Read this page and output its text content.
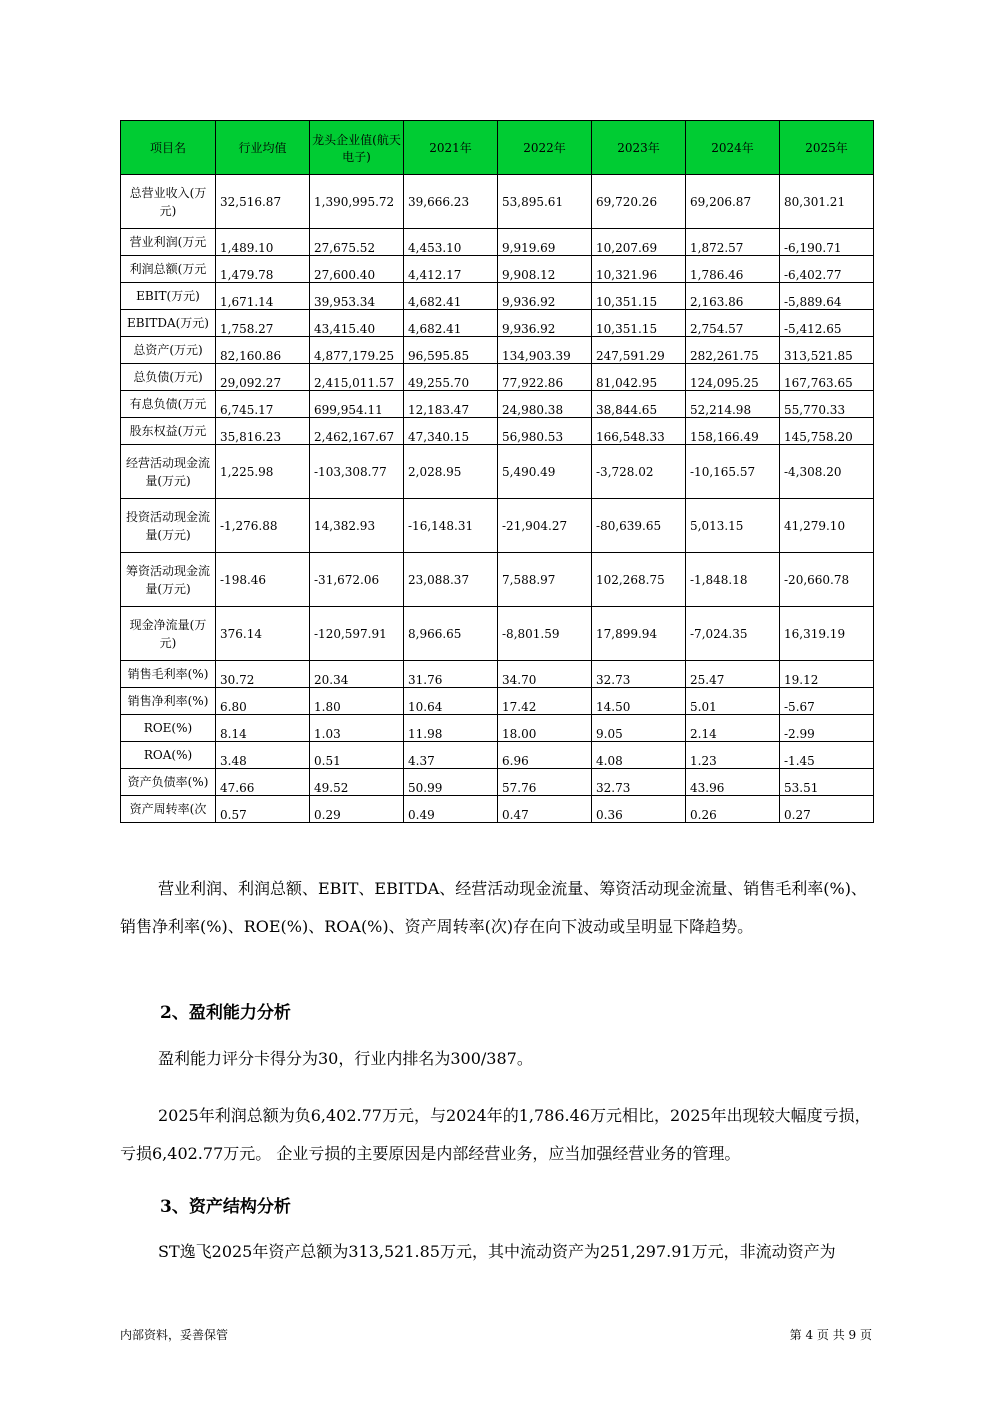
项目名	行业均值	龙头企业值(航天电子)	2021年	2022年	2023年	2024年	2025年
总营业收入(万元)	32,516.87	1,390,995.72	39,666.23	53,895.61	69,720.26	69,206.87	80,301.21
营业利润(万元	1,489.10	27,675.52	4,453.10	9,919.69	10,207.69	1,872.57	-6,190.71
利润总额(万元	1,479.78	27,600.40	4,412.17	9,908.12	10,321.96	1,786.46	-6,402.77
EBIT(万元)	1,671.14	39,953.34	4,682.41	9,936.92	10,351.15	2,163.86	-5,889.64
EBITDA(万元)	1,758.27	43,415.40	4,682.41	9,936.92	10,351.15	2,754.57	-5,412.65
总资产(万元)	82,160.86	4,877,179.25	96,595.85	134,903.39	247,591.29	282,261.75	313,521.85
总负债(万元)	29,092.27	2,415,011.57	49,255.70	77,922.86	81,042.95	124,095.25	167,763.65
有息负债(万元	6,745.17	699,954.11	12,183.47	24,980.38	38,844.65	52,214.98	55,770.33
股东权益(万元	35,816.23	2,462,167.67	47,340.15	56,980.53	166,548.33	158,166.49	145,758.20
经营活动现金流量(万元)	1,225.98	-103,308.77	2,028.95	5,490.49	-3,728.02	-10,165.57	-4,308.20
投资活动现金流量(万元)	-1,276.88	14,382.93	-16,148.31	-21,904.27	-80,639.65	5,013.15	41,279.10
筹资活动现金流量(万元)	-198.46	-31,672.06	23,088.37	7,588.97	102,268.75	-1,848.18	-20,660.78
现金净流量(万元)	376.14	-120,597.91	8,966.65	-8,801.59	17,899.94	-7,024.35	16,319.19
销售毛利率(%)	30.72	20.34	31.76	34.70	32.73	25.47	19.12
销售净利率(%)	6.80	1.80	10.64	17.42	14.50	5.01	-5.67
ROE(%)	8.14	1.03	11.98	18.00	9.05	2.14	-2.99
ROA(%)	3.48	0.51	4.37	6.96	4.08	1.23	-1.45
资产负债率(%)	47.66	49.52	50.99	57.76	32.73	43.96	53.51
资产周转率(次	0.57	0.29	0.49	0.47	0.36	0.26	0.27

营业利润、利润总额、EBIT、EBITDA、经营活动现金流量、筹资活动现金流量、销售毛利率(%)、销售净利率(%)、ROE(%)、ROA(%)、资产周转率(次)存在向下波动或呈明显下降趋势。

2、盈利能力分析

盈利能力评分卡得分为30，行业内排名为300/387。

2025年利润总额为负6,402.77万元，与2024年的1,786.46万元相比，2025年出现较大幅度亏损，亏损6,402.77万元。 企业亏损的主要原因是内部经营业务，应当加强经营业务的管理。

3、资产结构分析

ST逸飞2025年资产总额为313,521.85万元，其中流动资产为251,297.91万元，非流动资产为

内部资料，妥善保管	第 4 页 共 9 页
